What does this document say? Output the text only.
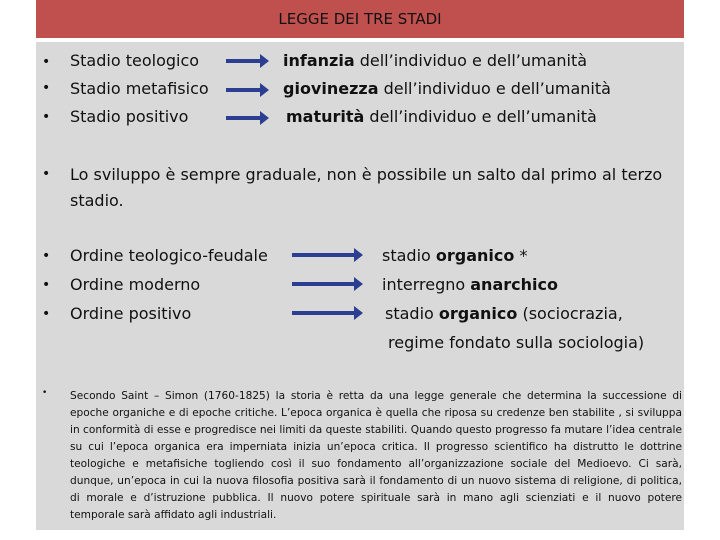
LEGGE DEI TRE STADI
•
•
•
Stadio teologico
Stadio metafisico
Stadio positivo
infanzia dell’individuo e dell’umanità
giovinezza dell’individuo e dell’umanità
maturità dell’individuo e dell’umanità
• Lo sviluppo è sempre graduale, non è possibile un salto dal primo al terzo
stadio.
•
•
•
Ordine teologico-feudale
Ordine moderno
Ordine positivo
stadio organico *
interregno anarchico
stadio organico (sociocrazia,
regime fondato sulla sociologia)
• Secondo Saint – Simon (1760-1825) la storia è retta da una legge generale che determina la successione di epoche organiche e di epoche critiche. L’epoca organica è quella che riposa su credenze ben stabilite , si sviluppa in conformità di esse e progredisce nei limiti da queste stabiliti. Quando questo progresso fa mutare l’idea centrale su cui l’epoca organica era imperniata inizia un’epoca critica. Il progresso scientifico ha distrutto le dottrine teologiche e metafisiche togliendo così il suo fondamento all’organizzazione sociale del Medioevo. Ci sarà, dunque, un’epoca in cui la nuova filosofia positiva sarà il fondamento di un nuovo sistema di religione, di politica, di morale e d’istruzione pubblica. Il nuovo potere spirituale sarà in mano agli scienziati e il nuovo potere temporale sarà affidato agli industriali.
